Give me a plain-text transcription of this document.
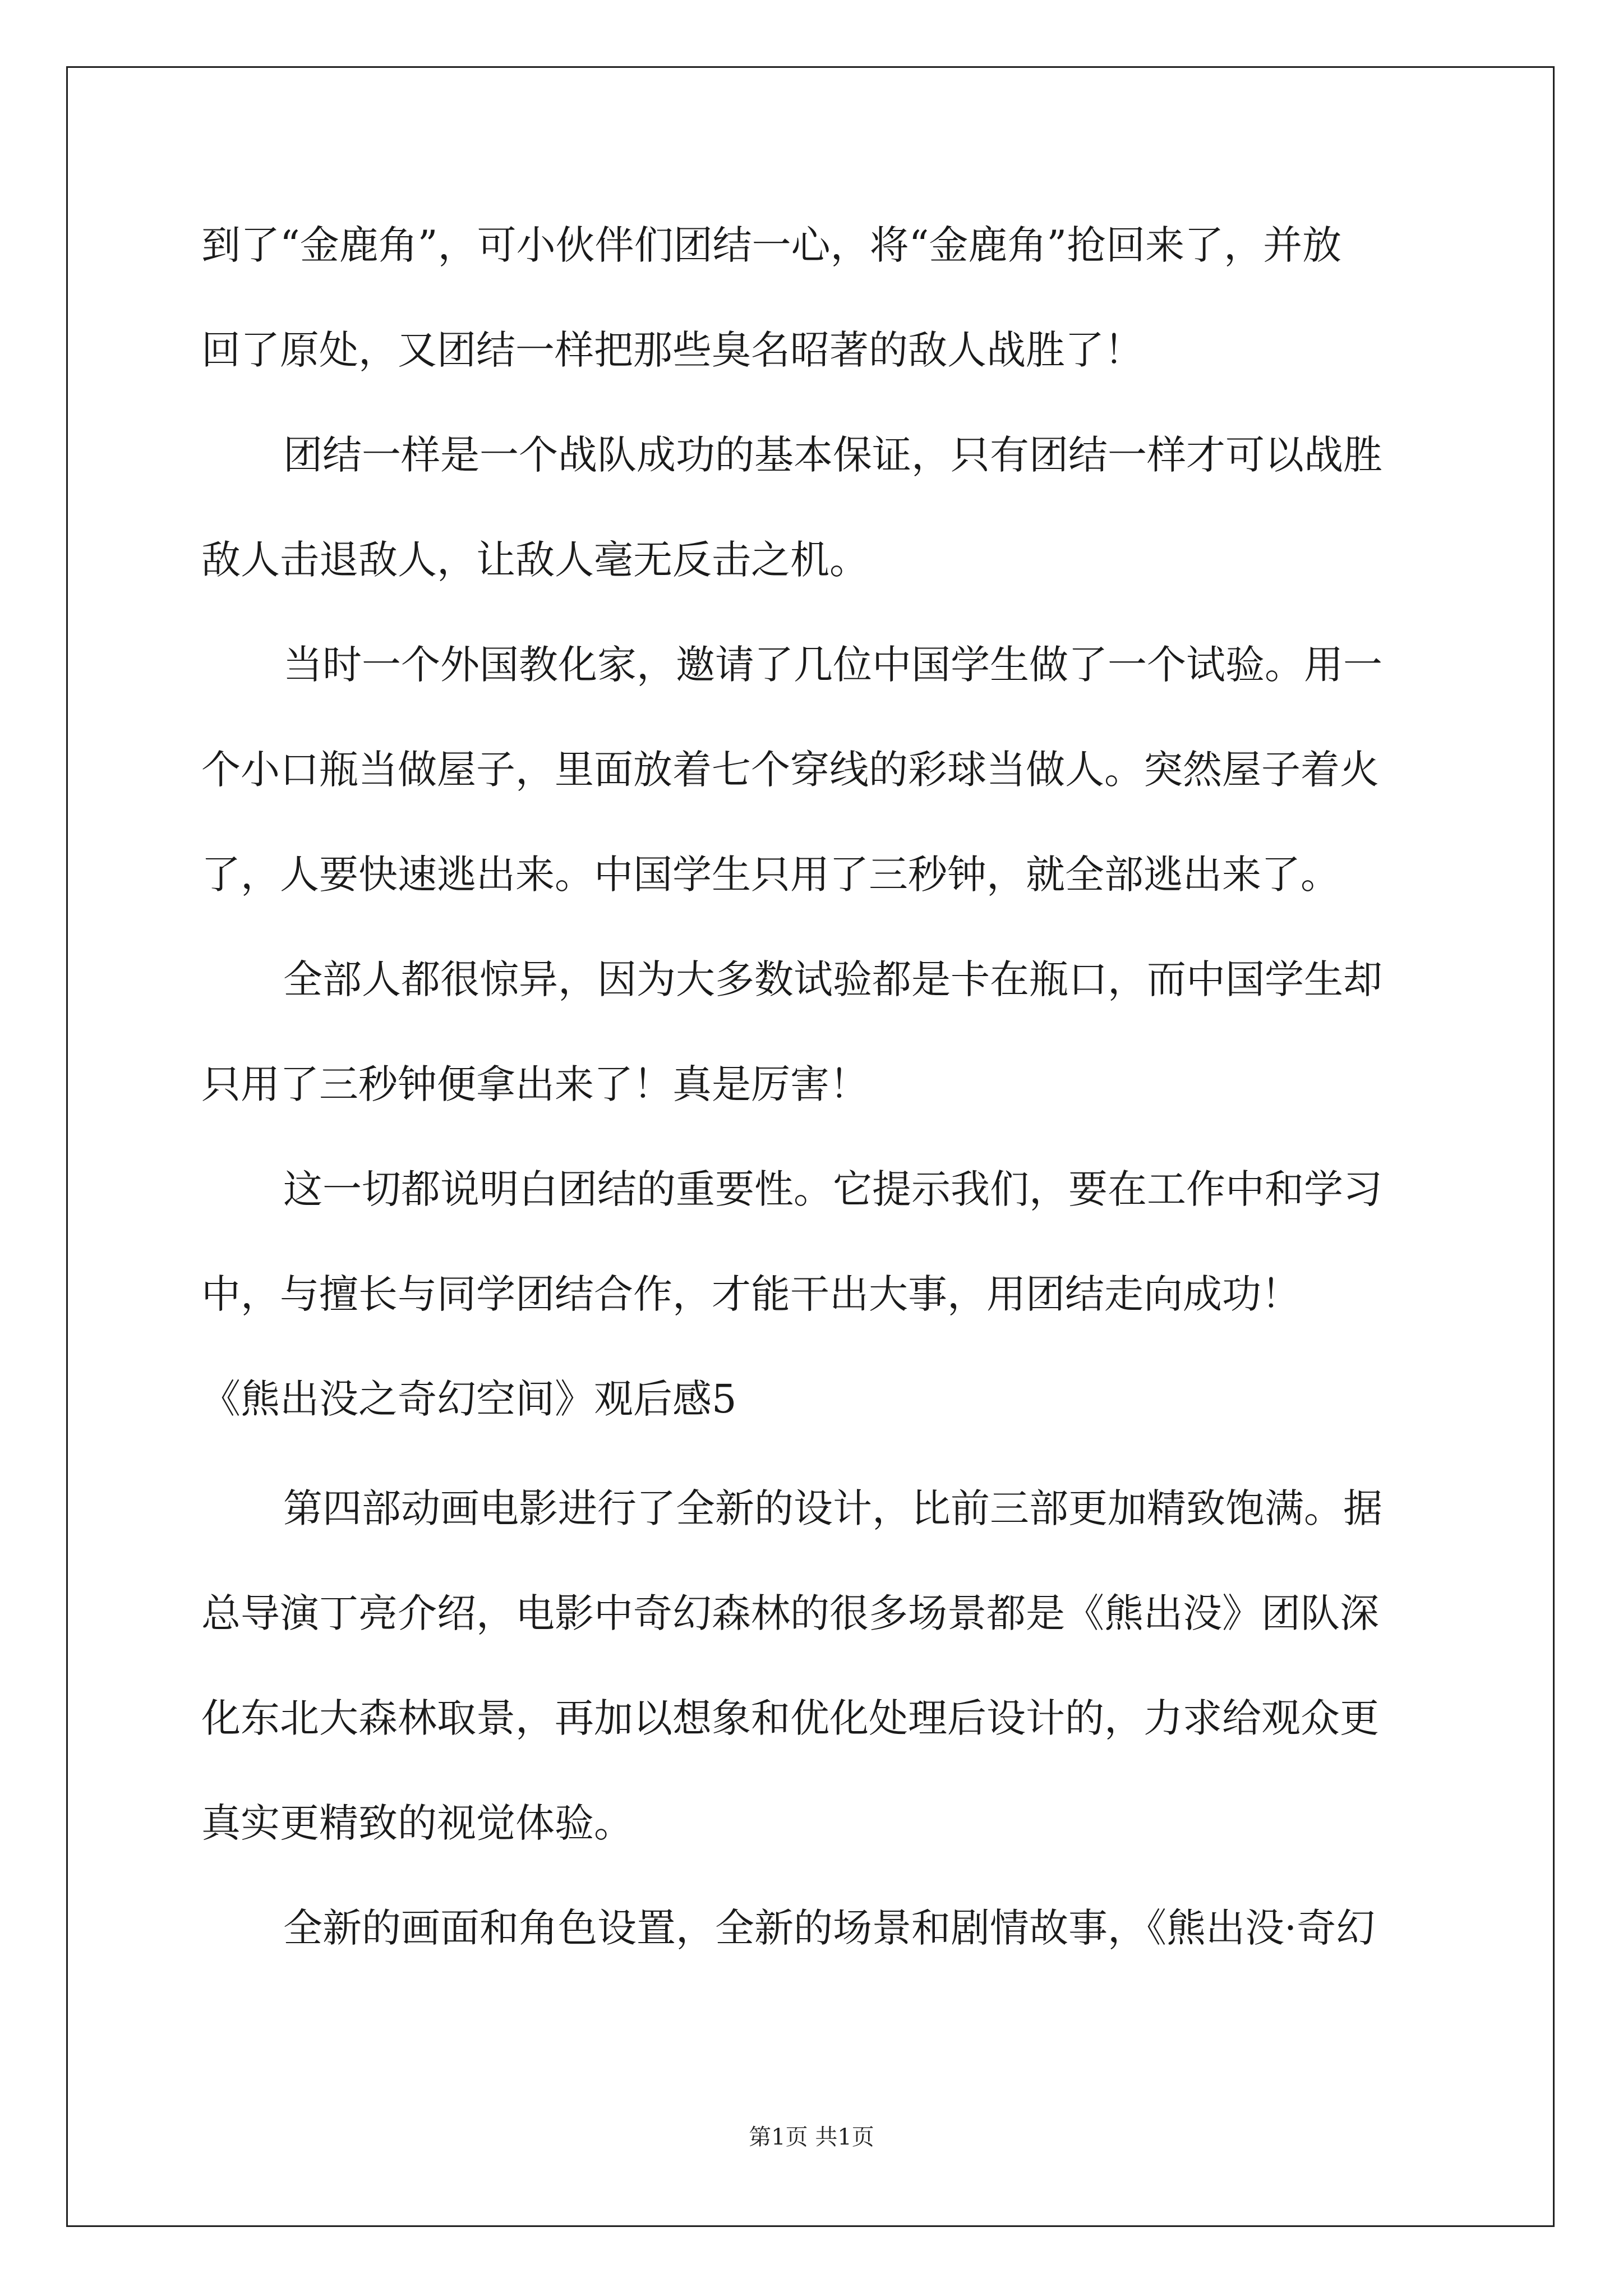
到了“金鹿角”，可小伙伴们团结一心，将“金鹿角”抢回来了，并放
回了原处，又团结一样把那些臭名昭著的敌人战胜了！
团结一样是一个战队成功的基本保证，只有团结一样才可以战胜
敌人击退敌人，让敌人毫无反击之机。
当时一个外国教化家，邀请了几位中国学生做了一个试验。用一
个小口瓶当做屋子，里面放着七个穿线的彩球当做人。突然屋子着火
了，人要快速逃出来。中国学生只用了三秒钟，就全部逃出来了。
全部人都很惊异，因为大多数试验都是卡在瓶口，而中国学生却
只用了三秒钟便拿出来了！真是厉害！
这一切都说明白团结的重要性。它提示我们，要在工作中和学习
中，与擅长与同学团结合作，才能干出大事，用团结走向成功！
《熊出没之奇幻空间》观后感5
第四部动画电影进行了全新的设计，比前三部更加精致饱满。据
总导演丁亮介绍，电影中奇幻森林的很多场景都是《熊出没》团队深
化东北大森林取景，再加以想象和优化处理后设计的，力求给观众更
真实更精致的视觉体验。
全新的画面和角色设置，全新的场景和剧情故事，《熊出没·奇幻
第1页 共1页
